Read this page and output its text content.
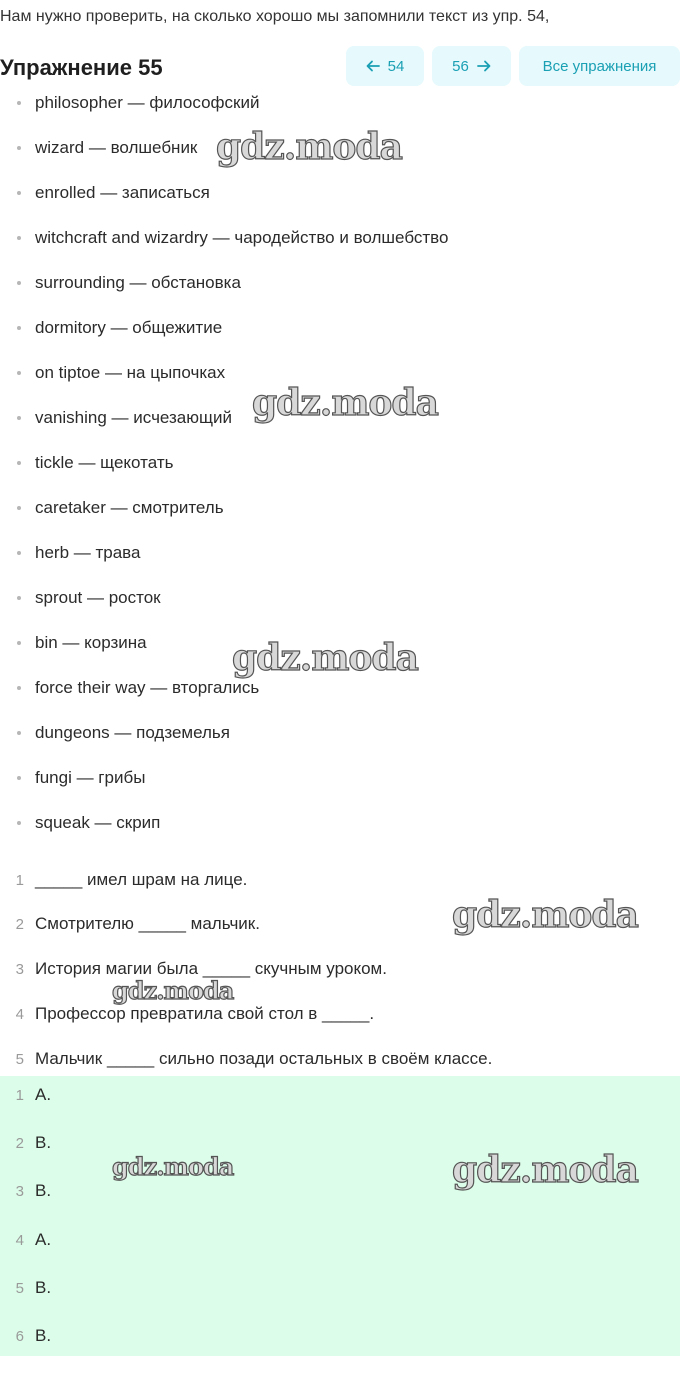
Нам нужно проверить, на сколько хорошо мы запомнили текст из упр. 54,
Упражнение 55	54	56	Все упражнения
philosopher — философский
wizard — волшебник
enrolled — записаться
witchcraft and wizardry — чародейство и волшебство
surrounding — обстановка
dormitory — общежитие
on tiptoe — на цыпочках
vanishing — исчезающий
tickle — щекотать
caretaker — смотритель
herb — трава
sprout — росток
bin — корзина
force their way — вторгались
dungeons — подземелья
fungi — грибы
squeak — скрип
1 _____ имел шрам на лице.
2 Смотрителю _____ мальчик.
3 История магии была _____ скучным уроком.
4 Профессор превратила свой стол в _____.
5 Мальчик _____ сильно позади остальных в своём классе.
1 A.
2 B.
3 B.
4 A.
5 B.
6 B.
gdz.moda
gdz.moda
gdz.moda
gdz.moda
gdz.moda
gdz.moda	gdz.moda
